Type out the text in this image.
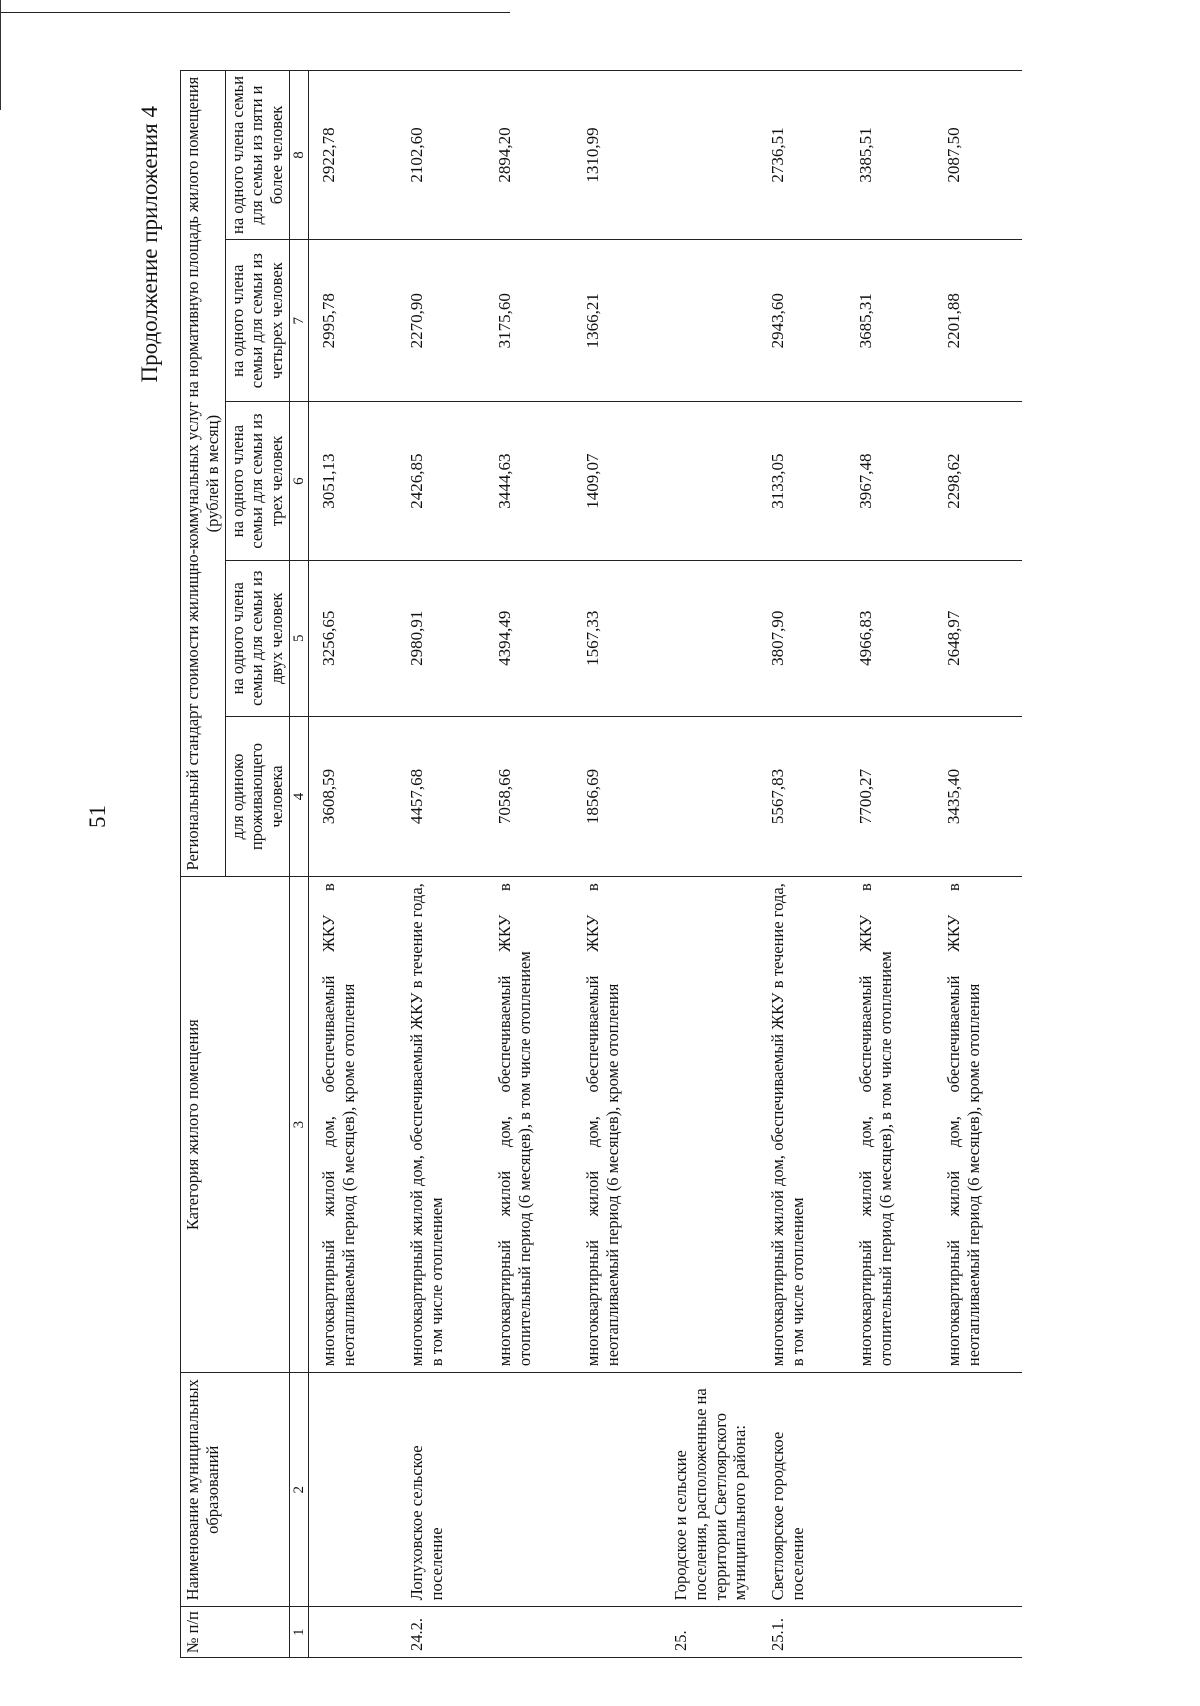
51
Продолжение приложения 4
№ п/п	Наименование муниципальных образований	Категория жилого помещения	Региональный стандарт стоимости жилищно-коммунальных услуг на нормативную площадь жилого помещения (рублей в месяц)				
			для одиноко проживающего человека	на одного члена семьи для семьи из двух человек	на одного члена семьи для семьи из трех человек	на одного члена семьи для семьи из четырех человек	на одного члена семьи для семьи из пяти и более человек
1	2	3	4	5	6	7	8
		многоквартирный жилой дом, обеспечиваемый ЖКУ в неотапливаемый период (6 месяцев), кроме отопления	3608,59	3256,65	3051,13	2995,78	2922,78
24.2.	Лопуховское сельское поселение	многоквартирный жилой дом, обеспечиваемый ЖКУ в течение года, в том числе отоплением	4457,68	2980,91	2426,85	2270,90	2102,60
		многоквартирный жилой дом, обеспечиваемый ЖКУ в отопительный период (6 месяцев), в том числе отоплением	7058,66	4394,49	3444,63	3175,60	2894,20
		многоквартирный жилой дом, обеспечиваемый ЖКУ в неотапливаемый период (6 месяцев), кроме отопления	1856,69	1567,33	1409,07	1366,21	1310,99
25.	Городское и сельские поселения, расположенные на территории Светлоярского муниципального района:						
25.1.	Светлоярское городское поселение	многоквартирный жилой дом, обеспечиваемый ЖКУ в течение года, в том числе отоплением	5567,83	3807,90	3133,05	2943,60	2736,51
		многоквартирный жилой дом, обеспечиваемый ЖКУ в отопительный период (6 месяцев), в том числе отоплением	7700,27	4966,83	3967,48	3685,31	3385,51
		многоквартирный жилой дом, обеспечиваемый ЖКУ в неотапливаемый период (6 месяцев), кроме отопления	3435,40	2648,97	2298,62	2201,88	2087,50
